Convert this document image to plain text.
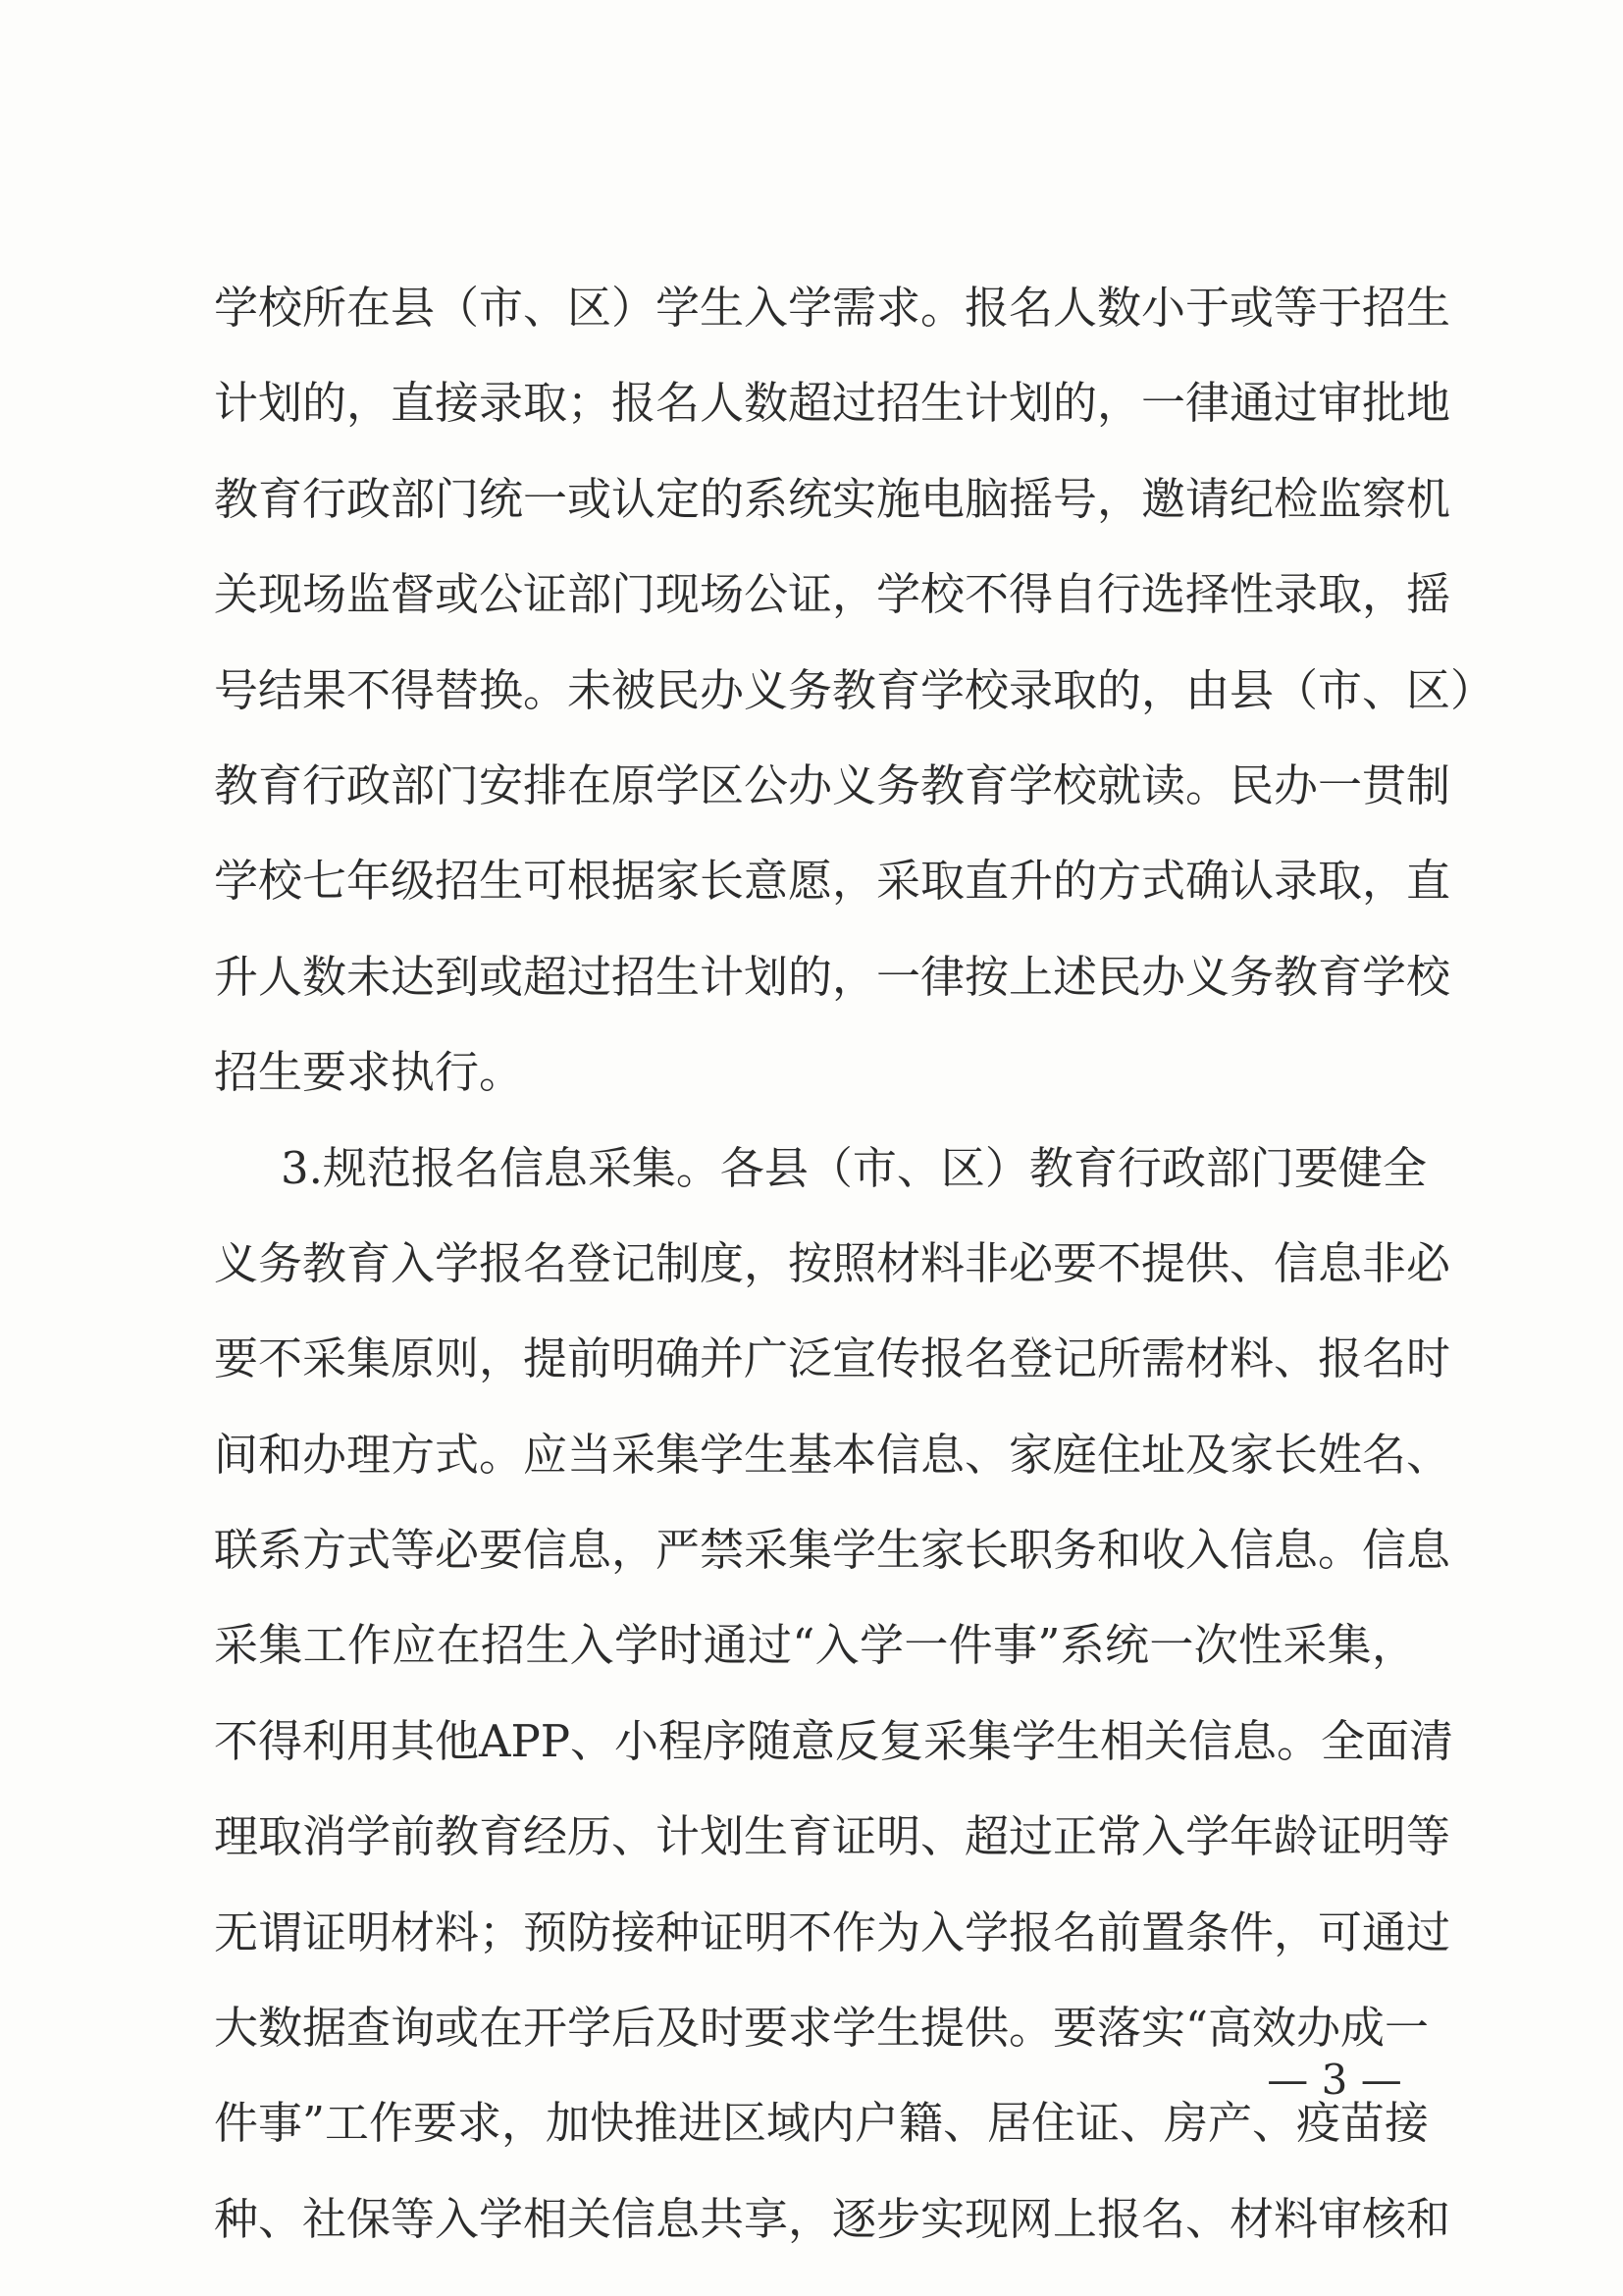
学校所在县（市、区）学生入学需求。报名人数小于或等于招生
计划的，直接录取；报名人数超过招生计划的，一律通过审批地
教育行政部门统一或认定的系统实施电脑摇号，邀请纪检监察机
关现场监督或公证部门现场公证，学校不得自行选择性录取，摇
号结果不得替换。未被民办义务教育学校录取的，由县（市、区）
教育行政部门安排在原学区公办义务教育学校就读。民办一贯制
学校七年级招生可根据家长意愿，采取直升的方式确认录取，直
升人数未达到或超过招生计划的，一律按上述民办义务教育学校
招生要求执行。
3.规范报名信息采集。各县（市、区）教育行政部门要健全
义务教育入学报名登记制度，按照材料非必要不提供、信息非必
要不采集原则，提前明确并广泛宣传报名登记所需材料、报名时
间和办理方式。应当采集学生基本信息、家庭住址及家长姓名、
联系方式等必要信息，严禁采集学生家长职务和收入信息。信息
采集工作应在招生入学时通过“入学一件事”系统一次性采集，
不得利用其他APP、小程序随意反复采集学生相关信息。全面清
理取消学前教育经历、计划生育证明、超过正常入学年龄证明等
无谓证明材料；预防接种证明不作为入学报名前置条件，可通过
大数据查询或在开学后及时要求学生提供。要落实“高效办成一
件事”工作要求，加快推进区域内户籍、居住证、房产、疫苗接
种、社保等入学相关信息共享，逐步实现网上报名、材料审核和
— 3 —
